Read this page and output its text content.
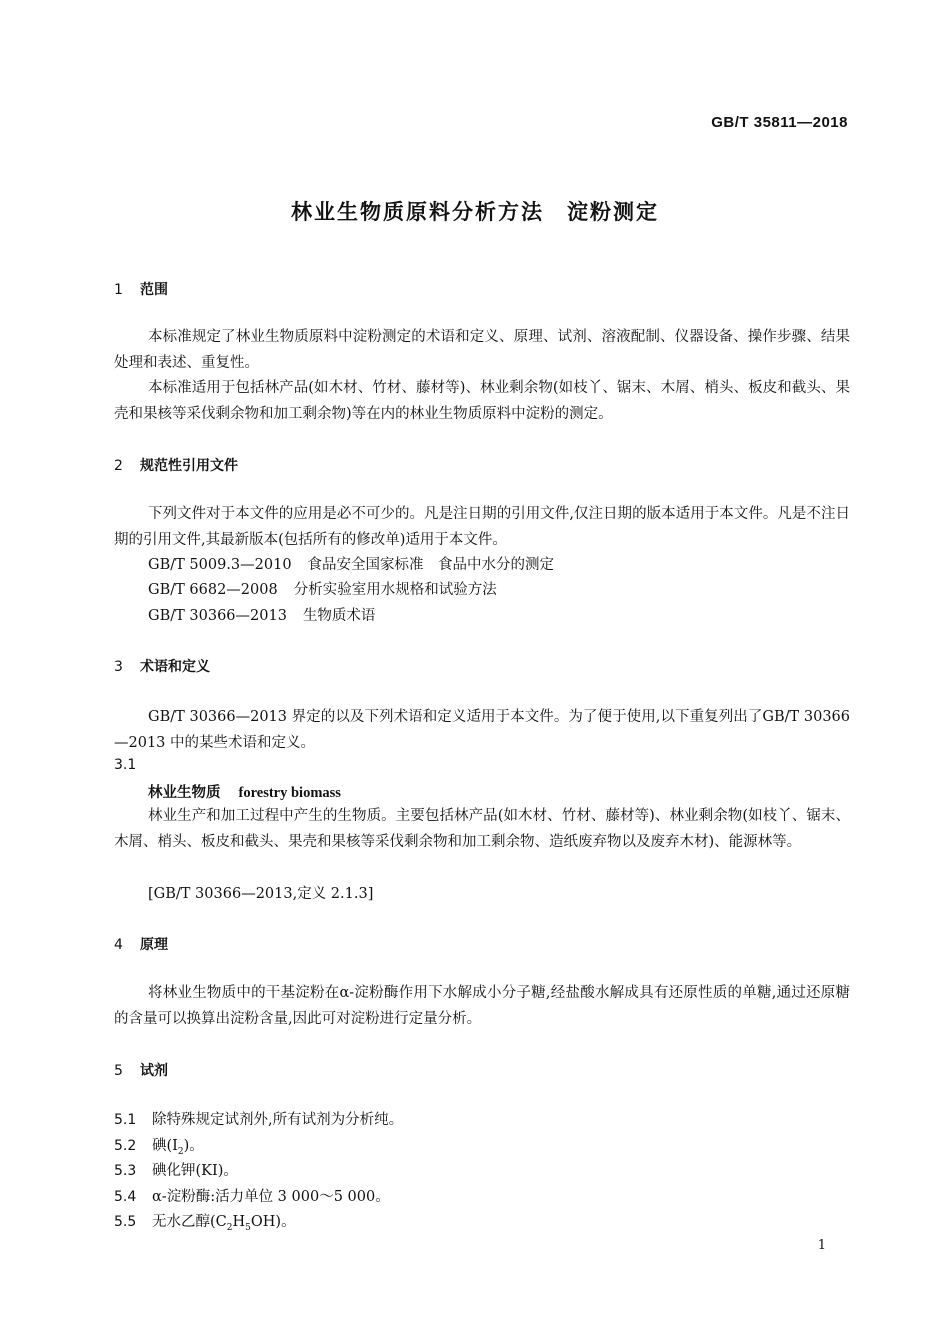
GB/T 35811—2018
林业生物质原料分析方法　淀粉测定
1 范围
本标准规定了林业生物质原料中淀粉测定的术语和定义、原理、试剂、溶液配制、仪器设备、操作步骤、结果处理和表述、重复性。
本标准适用于包括林产品(如木材、竹材、藤材等)、林业剩余物(如枝丫、锯末、木屑、梢头、板皮和截头、果壳和果核等采伐剩余物和加工剩余物)等在内的林业生物质原料中淀粉的测定。
2 规范性引用文件
下列文件对于本文件的应用是必不可少的。凡是注日期的引用文件,仅注日期的版本适用于本文件。凡是不注日期的引用文件,其最新版本(包括所有的修改单)适用于本文件。
GB/T 5009.3—2010 食品安全国家标准　食品中水分的测定
GB/T 6682—2008 分析实验室用水规格和试验方法
GB/T 30366—2013 生物质术语
3 术语和定义
GB/T 30366—2013 界定的以及下列术语和定义适用于本文件。为了便于使用,以下重复列出了GB/T 30366—2013 中的某些术语和定义。
3.1
林业生物质 forestry biomass
林业生产和加工过程中产生的生物质。主要包括林产品(如木材、竹材、藤材等)、林业剩余物(如枝丫、锯末、木屑、梢头、板皮和截头、果壳和果核等采伐剩余物和加工剩余物、造纸废弃物以及废弃木材)、能源林等。
[GB/T 30366—2013,定义 2.1.3]
4 原理
将林业生物质中的干基淀粉在α-淀粉酶作用下水解成小分子糖,经盐酸水解成具有还原性质的单糖,通过还原糖的含量可以换算出淀粉含量,因此可对淀粉进行定量分析。
5 试剂
5.1 除特殊规定试剂外,所有试剂为分析纯。
5.2 碘$(I_2)$。
5.3 碘化钾(KI)。
5.4 α-淀粉酶:活力单位 3 000～5 000。
5.5 无水乙醇$(C_2H_5OH)$。
1
